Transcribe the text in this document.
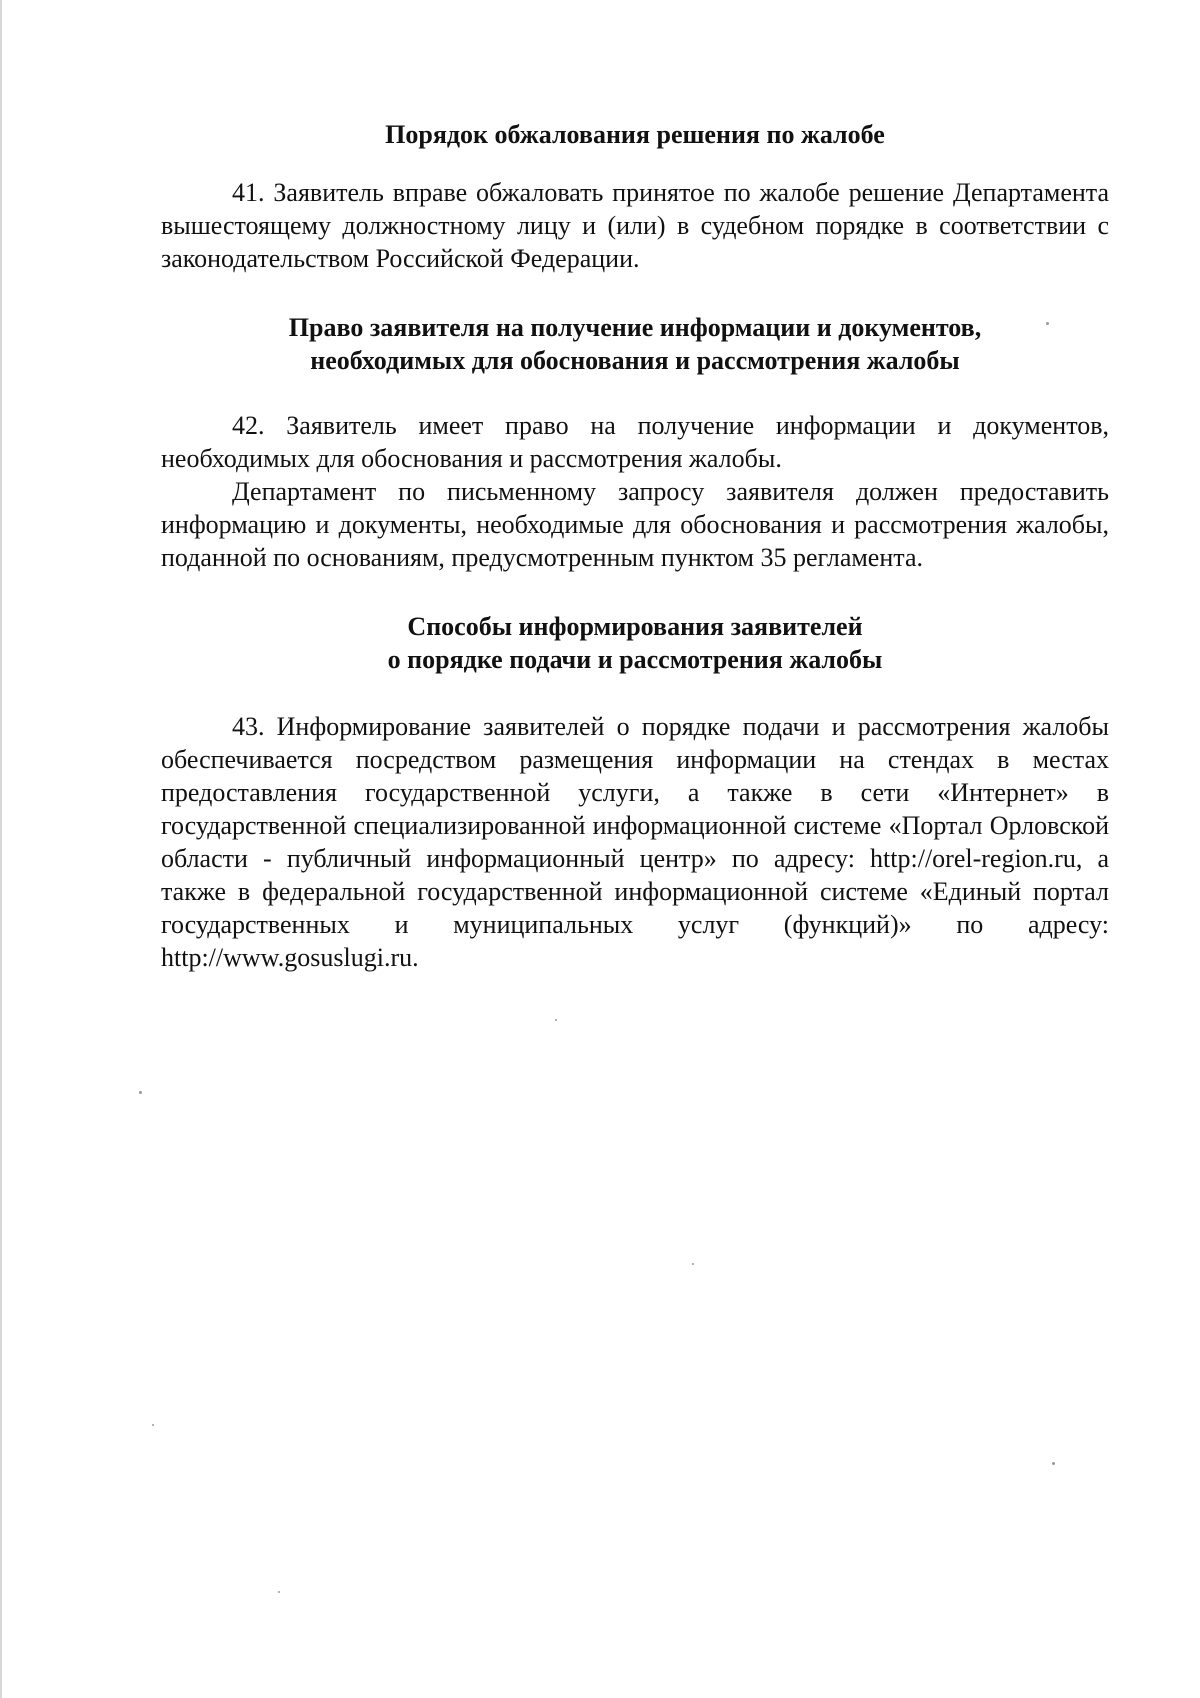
Порядок обжалования решения по жалобе

41. Заявитель вправе обжаловать принятое по жалобе решение Департамента вышестоящему должностному лицу и (или) в судебном порядке в соответствии с законодательством Российской Федерации.

Право заявителя на получение информации и документов,

необходимых для обоснования и рассмотрения жалобы

42. Заявитель имеет право на получение информации и документов, необходимых для обоснования и рассмотрения жалобы.

Департамент по письменному запросу заявителя должен предоставить информацию и документы, необходимые для обоснования и рассмотрения жалобы, поданной по основаниям, предусмотренным пунктом 35 регламента.

Способы информирования заявителей

о порядке подачи и рассмотрения жалобы

43. Информирование заявителей о порядке подачи и рассмотрения жалобы обеспечивается посредством размещения информации на стендах в местах предоставления государственной услуги, а также в сети «Интернет» в государственной специализированной информационной системе «Портал Орловской области - публичный информационный центр» по адресу: http://orel-region.ru, а также в федеральной государственной информационной системе «Единый портал государственных и муниципальных услуг (функций)» по адресу: http://www.gosuslugi.ru.
